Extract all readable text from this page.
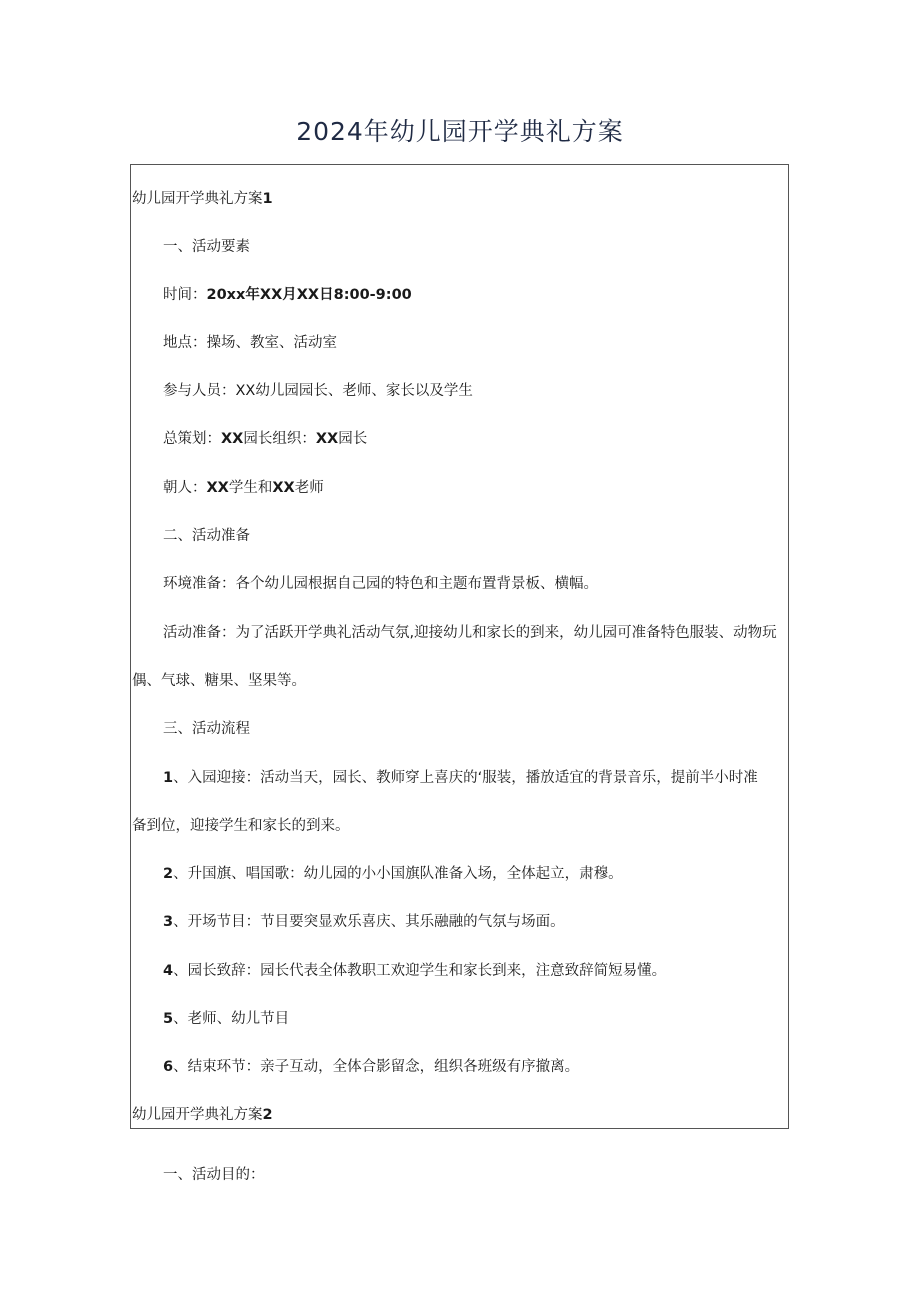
2024年幼儿园开学典礼方案
幼儿园开学典礼方案1
一、活动要素
时间：20xx年XX月XX日8:00-9:00
地点：操场、教室、活动室
参与人员：XX幼儿园园长、老师、家长以及学生
总策划：XX园长组织：XX园长
朝人：XX学生和XX老师
二、活动准备
环境准备：各个幼儿园根据自己园的特色和主题布置背景板、横幅。
活动准备：为了活跃开学典礼活动气氛,迎接幼儿和家长的到来，幼儿园可准备特色服装、动物玩
偶、气球、糖果、坚果等。
三、活动流程
1、入园迎接：活动当天，园长、教师穿上喜庆的‘服装，播放适宜的背景音乐，提前半小时准
备到位，迎接学生和家长的到来。
2、升国旗、唱国歌：幼儿园的小小国旗队准备入场，全体起立，肃穆。
3、开场节目：节目要突显欢乐喜庆、其乐融融的气氛与场面。
4、园长致辞：园长代表全体教职工欢迎学生和家长到来，注意致辞简短易懂。
5、老师、幼儿节目
6、结束环节：亲子互动，全体合影留念，组织各班级有序撤离。
幼儿园开学典礼方案2
一、活动目的：
